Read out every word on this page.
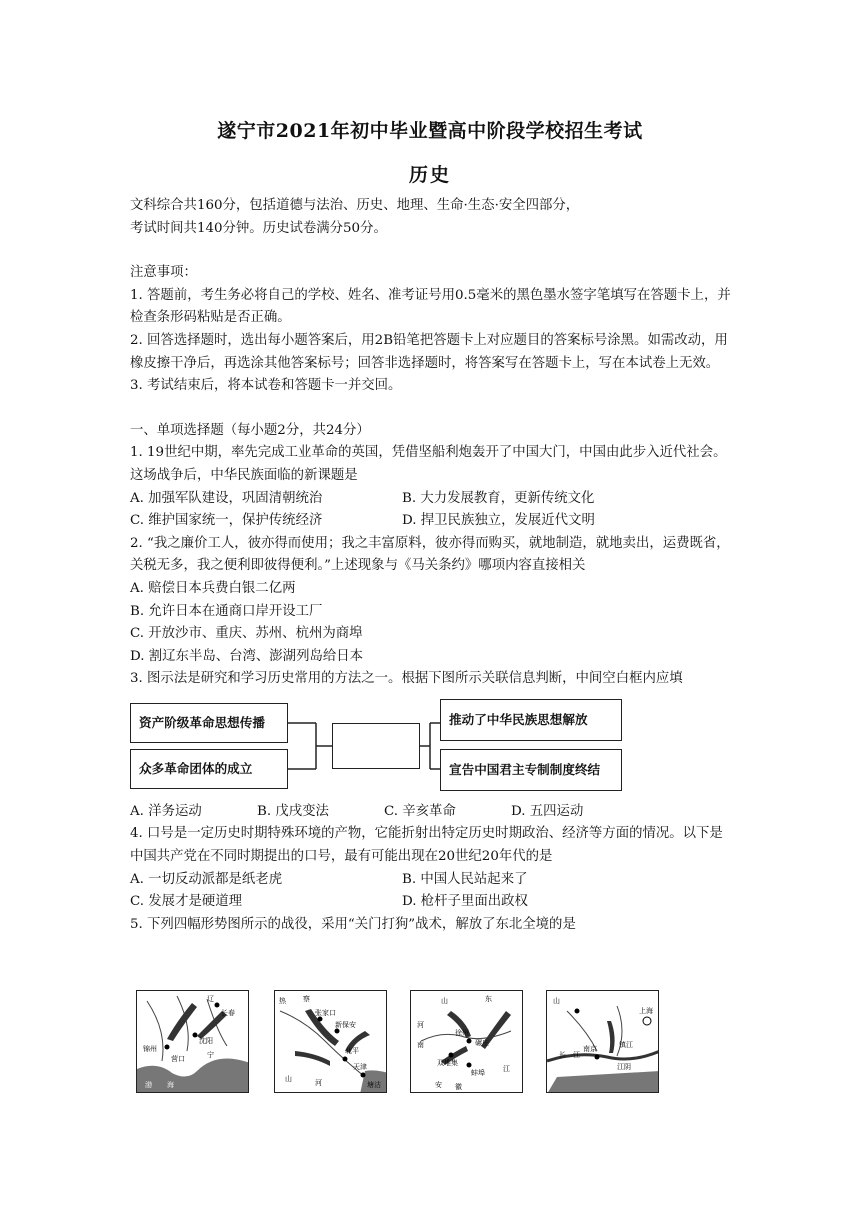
遂宁市2021年初中毕业暨高中阶段学校招生考试
历史

文科综合共160分，包括道德与法治、历史、地理、生命·生态·安全四部分，

考试时间共140分钟。历史试卷满分50分。

注意事项：

1. 答题前，考生务必将自己的学校、姓名、准考证号用0.5毫米的黑色墨水签字笔填写在答题卡上，并检查条形码粘贴是否正确。

2. 回答选择题时，选出每小题答案后，用2B铅笔把答题卡上对应题目的答案标号涂黑。如需改动，用橡皮擦干净后，再选涂其他答案标号；回答非选择题时，将答案写在答题卡上，写在本试卷上无效。

3. 考试结束后，将本试卷和答题卡一并交回。

一、单项选择题（每小题2分，共24分）

1. 19世纪中期，率先完成工业革命的英国，凭借坚船利炮轰开了中国大门，中国由此步入近代社会。这场战争后，中华民族面临的新课题是

A. 加强军队建设，巩固清朝统治	B. 大力发展教育，更新传统文化
C. 维护国家统一，保护传统经济	D. 捍卫民族独立，发展近代文明

2. “我之廉价工人，彼亦得而使用；我之丰富原料，彼亦得而购买，就地制造，就地卖出，运费既省，关税无多，我之便利即彼得便利。”上述现象与《马关条约》哪项内容直接相关

A. 赔偿日本兵费白银二亿两

B. 允许日本在通商口岸开设工厂

C. 开放沙市、重庆、苏州、杭州为商埠

D. 割辽东半岛、台湾、澎湖列岛给日本

3. 图示法是研究和学习历史常用的方法之一。根据下图所示关联信息判断，中间空白框内应填

资产阶级革命思想传播
众多革命团体的成立
推动了中华民族思想解放
宣告中国君主专制制度终结
A. 洋务运动	B. 戊戌变法	C. 辛亥革命	D. 五四运动

4. 口号是一定历史时期特殊环境的产物，它能折射出特定历史时期政治、经济等方面的情况。以下是中国共产党在不同时期提出的口号，最有可能出现在20世纪20年代的是

A. 一切反动派都是纸老虎	B. 中国人民站起来了
C. 发展才是硬道理	D. 枪杆子里面出政权

5. 下列四幅形势图所示的战役，采用“关门打狗”战术，解放了东北全境的是

辽
长春
沈阳
锦州
营口	宁
渤 海
热 察
张家口
新保安
北平
天津
塘沽
山	河
山	东
河
南
徐州
碾庄
双堆集
蚌埠	江
安 徽
山
南京	镇江
上海
江阴
长 江
